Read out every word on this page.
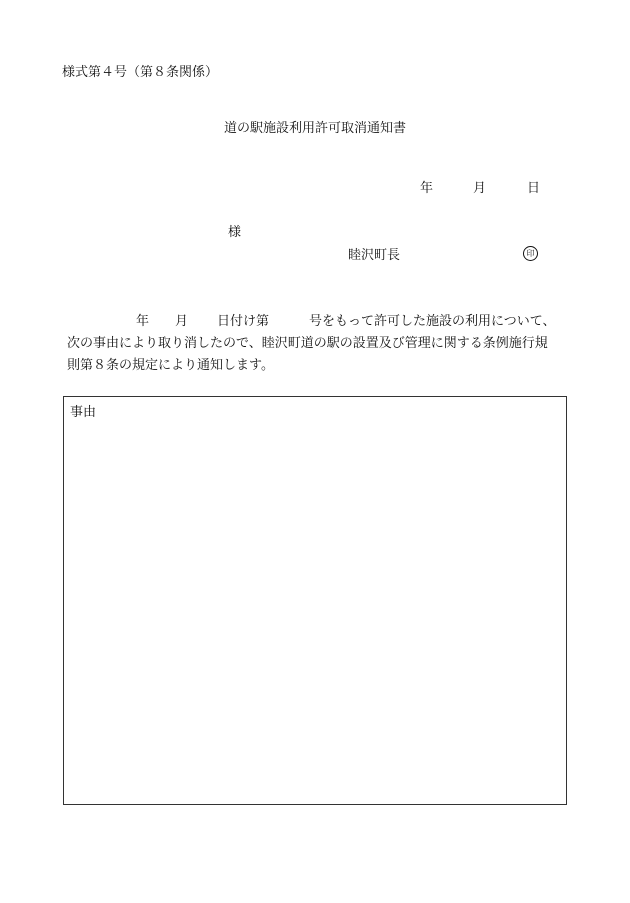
様式第４号（第８条関係）
道の駅施設利用許可取消通知書
年	月	日
様
睦沢町長	印
年 月 日付け第	号をもって許可した施設の利用について、
次の事由により取り消したので、睦沢町道の駅の設置及び管理に関する条例施行規
則第８条の規定により通知します。
事由
